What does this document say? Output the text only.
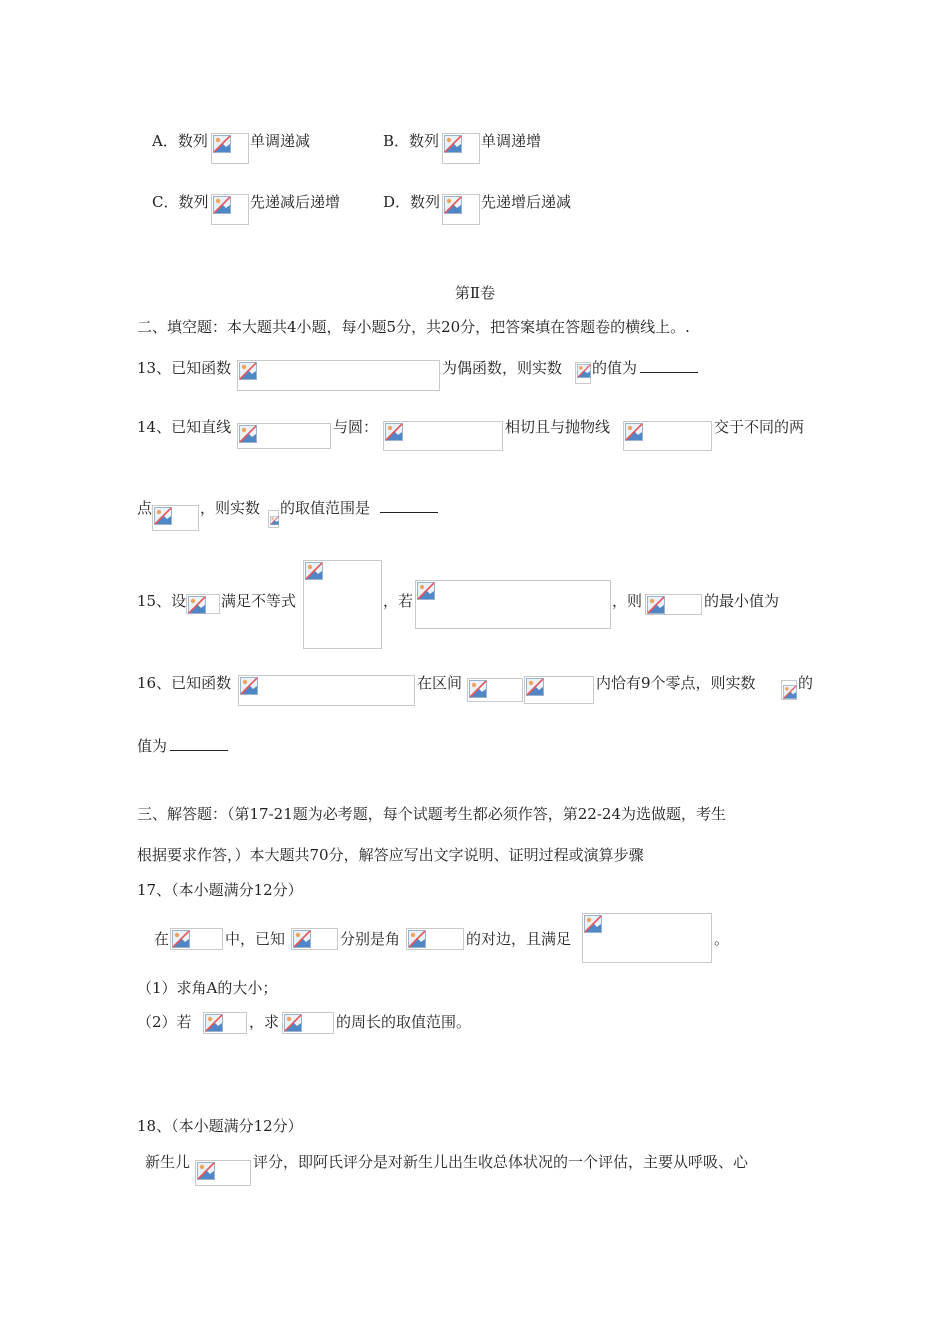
A．数列	单调递减	B．数列	单调递增
C．数列	先递减后递增	D．数列	先递增后递减
第Ⅱ卷
二、填空题：本大题共4小题，每小题5分，共20分，把答案填在答题卷的横线上。.
13、已知函数	为偶函数，则实数 的值为
14、已知直线	与圆：	相切且与抛物线	交于不同的两
点	，则实数 的取值范围是
15、设 满足不等式	，若	，则	的最小值为
16、已知函数	在区间	内恰有9个零点，则实数	的
值为
三、解答题：（第17-21题为必考题，每个试题考生都必须作答，第22-24为选做题，考生
根据要求作答，）本大题共70分，解答应写出文字说明、证明过程或演算步骤
17、（本小题满分12分）
在	中，已知	分别是角	的对边，且满足	。
（1）求角A的大小；
（2）若	，求	的周长的取值范围。
18、（本小题满分12分）
新生儿	评分，即阿氏评分是对新生儿出生收总体状况的一个评估，主要从呼吸、心
